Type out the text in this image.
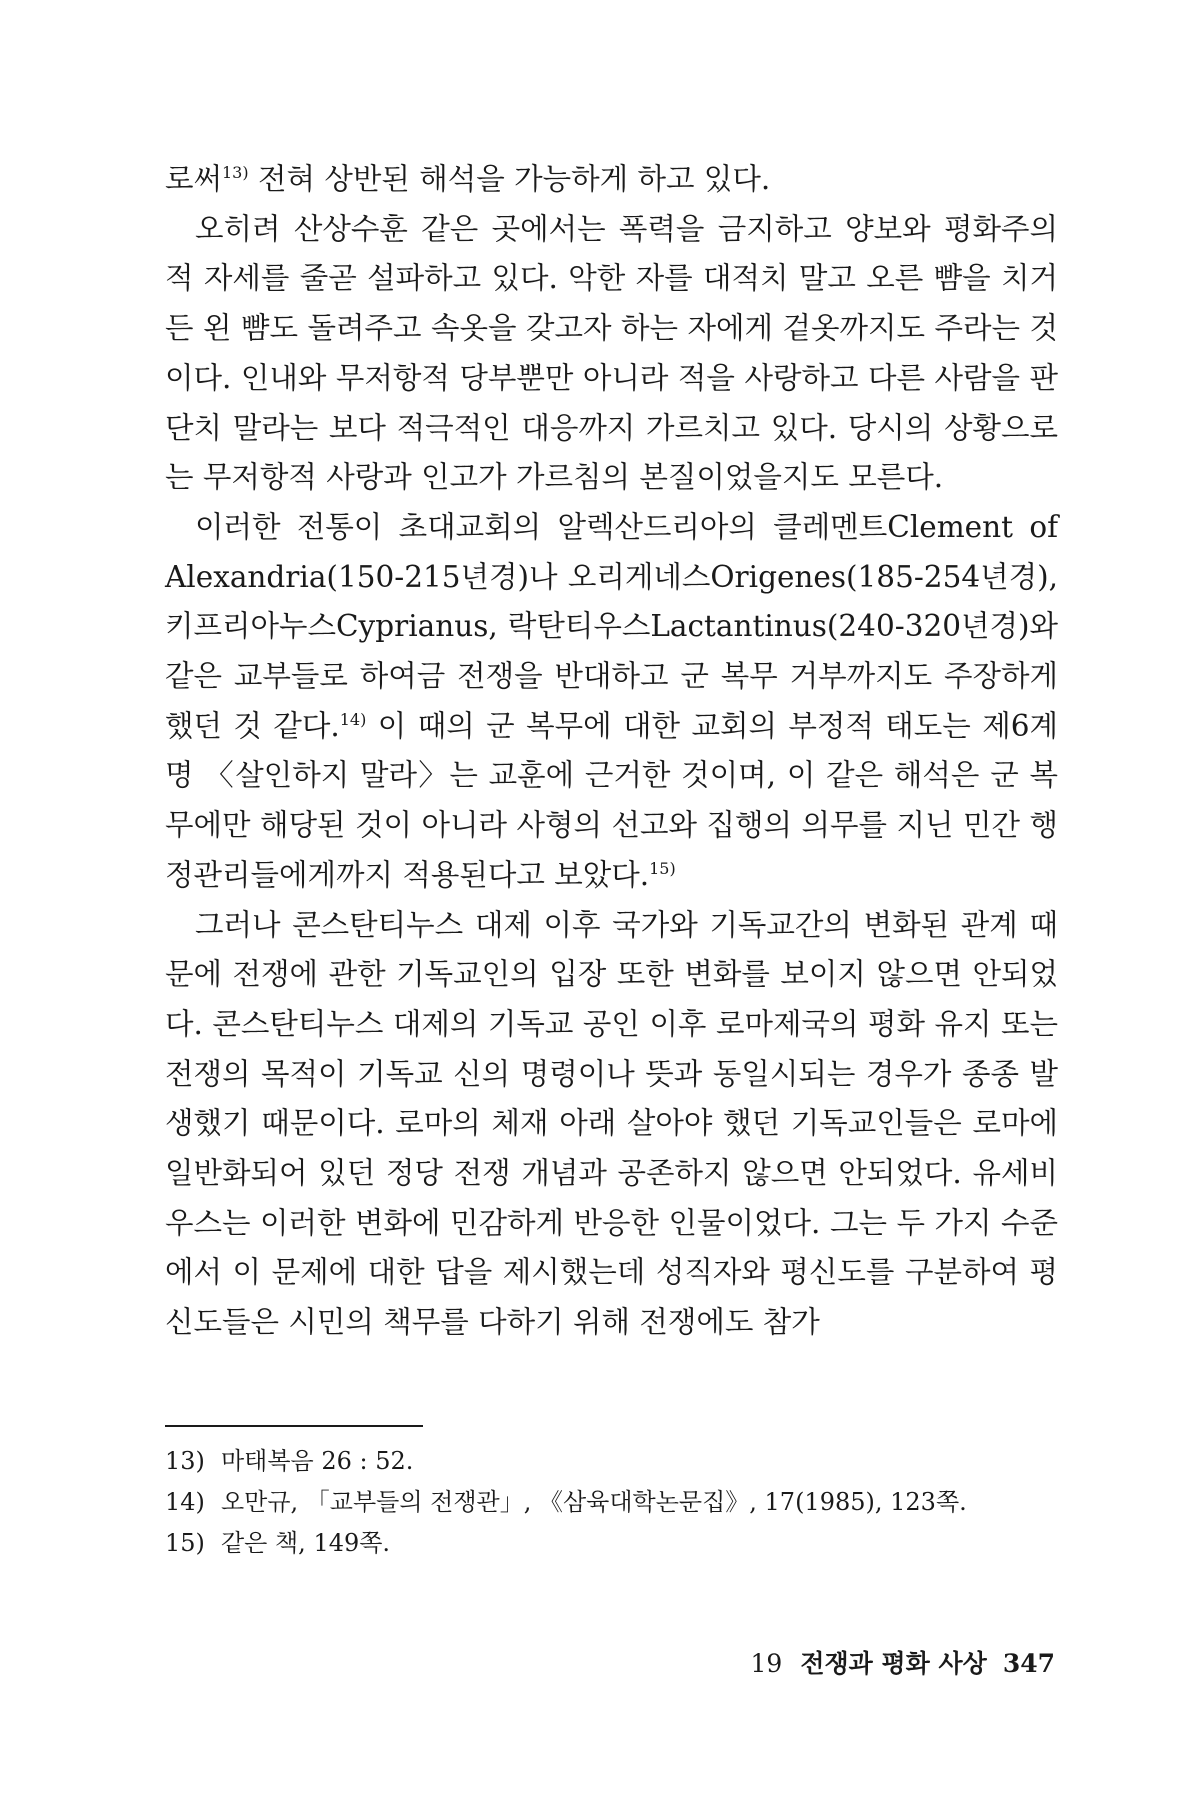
로써$^{13)}$ 전혀 상반된 해석을 가능하게 하고 있다.

오히려 산상수훈 같은 곳에서는 폭력을 금지하고 양보와 평화주의 적 자세를 줄곧 설파하고 있다. 악한 자를 대적치 말고 오른 뺨을 치거든 왼 뺨도 돌려주고 속옷을 갖고자 하는 자에게 겉옷까지도 주라는 것이다. 인내와 무저항적 당부뿐만 아니라 적을 사랑하고 다른 사람을 판단치 말라는 보다 적극적인 대응까지 가르치고 있다. 당시의 상황으로는 무저항적 사랑과 인고가 가르침의 본질이었을지도 모른다.

이러한 전통이 초대교회의 알렉산드리아의 클레멘트Clement of Alexandria(150-215년경)나 오리게네스Origenes(185-254년경), 키프리아누스Cyprianus, 락탄티우스Lactantinus(240-320년경)와 같은 교부들로 하여금 전쟁을 반대하고 군 복무 거부까지도 주장하게 했던 것 같다.$^{14)}$ 이 때의 군 복무에 대한 교회의 부정적 태도는 제6계명 〈살인하지 말라〉는 교훈에 근거한 것이며, 이 같은 해석은 군 복무에만 해당된 것이 아니라 사형의 선고와 집행의 의무를 지닌 민간 행정관리들에게까지 적용된다고 보았다.$^{15)}$

그러나 콘스탄티누스 대제 이후 국가와 기독교간의 변화된 관계 때문에 전쟁에 관한 기독교인의 입장 또한 변화를 보이지 않으면 안되었다. 콘스탄티누스 대제의 기독교 공인 이후 로마제국의 평화 유지 또는 전쟁의 목적이 기독교 신의 명령이나 뜻과 동일시되는 경우가 종종 발생했기 때문이다. 로마의 체재 아래 살아야 했던 기독교인들은 로마에 일반화되어 있던 정당 전쟁 개념과 공존하지 않으면 안되었다. 유세비우스는 이러한 변화에 민감하게 반응한 인물이었다. 그는 두 가지 수준에서 이 문제에 대한 답을 제시했는데 성직자와 평신도를 구분하여 평신도들은 시민의 책무를 다하기 위해 전쟁에도 참가

13) 마태복음 26 : 52.
14) 오만규, 「교부들의 전쟁관」, 《삼육대학논문집》, 17(1985), 123쪽.
15) 같은 책, 149쪽.
19 전쟁과 평화 사상 347
